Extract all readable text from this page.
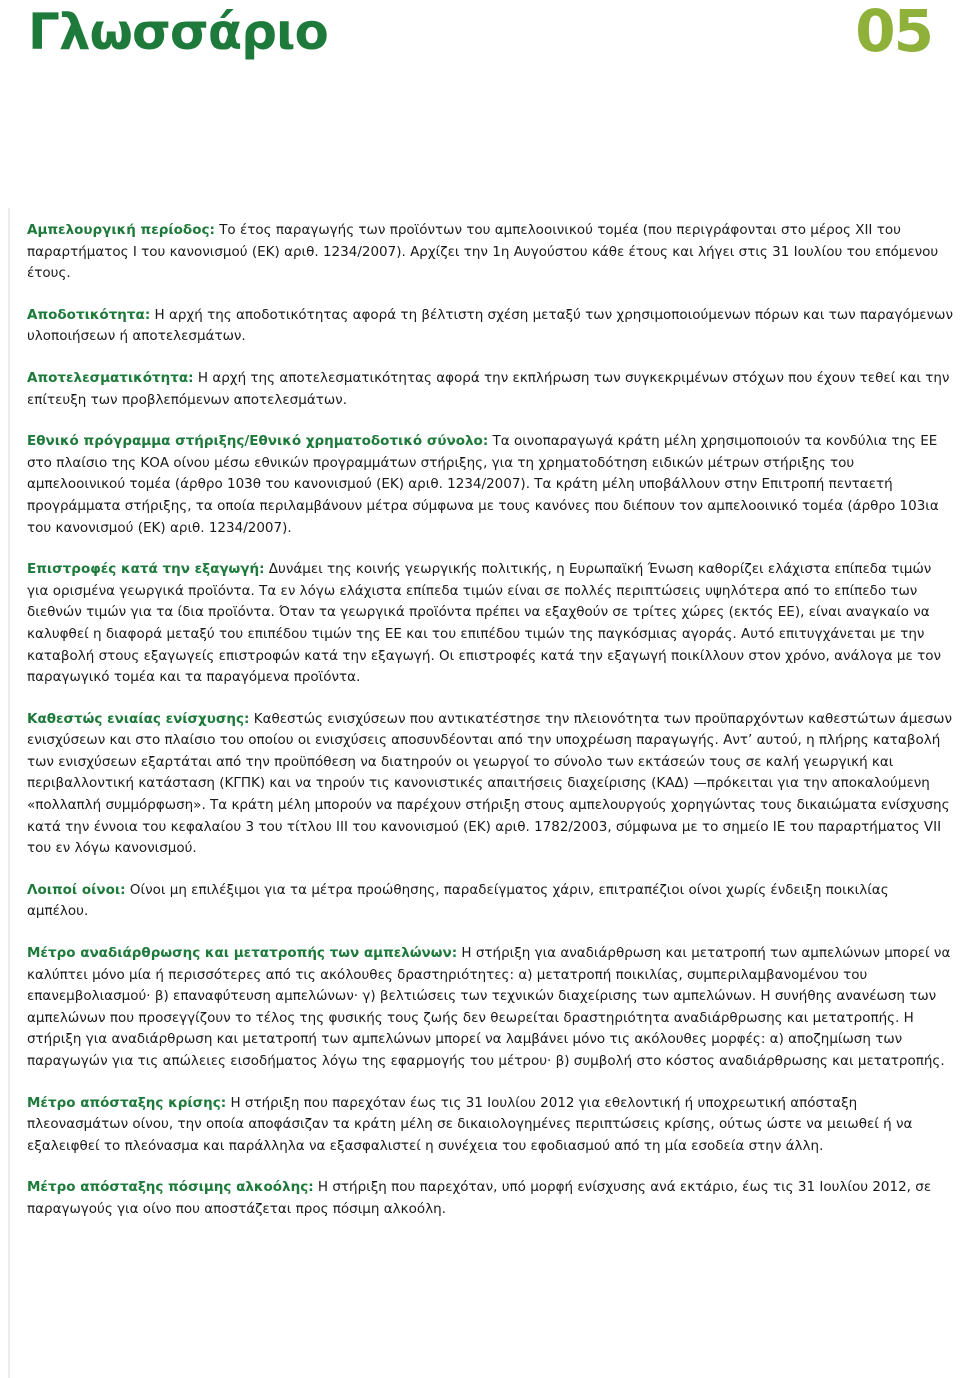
Γλωσσάριο	05

Αμπελουργική περίοδος: Το έτος παραγωγής των προϊόντων του αμπελοοινικού τομέα (που περιγράφονται στο μέρος XII του παραρτήματος I του κανονισμού (ΕΚ) αριθ. 1234/2007). Αρχίζει την 1η Αυγούστου κάθε έτους και λήγει στις 31 Ιουλίου του επόμενου έτους.

Αποδοτικότητα: Η αρχή της αποδοτικότητας αφορά τη βέλτιστη σχέση μεταξύ των χρησιμοποιούμενων πόρων και των παραγόμενων υλοποιήσεων ή αποτελεσμάτων.

Αποτελεσματικότητα: Η αρχή της αποτελεσματικότητας αφορά την εκπλήρωση των συγκεκριμένων στόχων που έχουν τεθεί και την επίτευξη των προβλεπόμενων αποτελεσμάτων.

Εθνικό πρόγραμμα στήριξης/Εθνικό χρηματοδοτικό σύνολο: Τα οινοπαραγωγά κράτη μέλη χρησιμοποιούν τα κονδύλια της ΕΕ στο πλαίσιο της ΚΟΑ οίνου μέσω εθνικών προγραμμάτων στήριξης, για τη χρηματοδότηση ειδικών μέτρων στήριξης του αμπελοοινικού τομέα (άρθρο 103θ του κανονισμού (ΕΚ) αριθ. 1234/2007). Τα κράτη μέλη υποβάλλουν στην Επιτροπή πενταετή προγράμματα στήριξης, τα οποία περιλαμβάνουν μέτρα σύμφωνα με τους κανόνες που διέπουν τον αμπελοοινικό τομέα (άρθρο 103ια του κανονισμού (ΕΚ) αριθ. 1234/2007).

Επιστροφές κατά την εξαγωγή: Δυνάμει της κοινής γεωργικής πολιτικής, η Ευρωπαϊκή Ένωση καθορίζει ελάχιστα επίπεδα τιμών για ορισμένα γεωργικά προϊόντα. Τα εν λόγω ελάχιστα επίπεδα τιμών είναι σε πολλές περιπτώσεις υψηλότερα από το επίπεδο των διεθνών τιμών για τα ίδια προϊόντα. Όταν τα γεωργικά προϊόντα πρέπει να εξαχθούν σε τρίτες χώρες (εκτός ΕΕ), είναι αναγκαίο να καλυφθεί η διαφορά μεταξύ του επιπέδου τιμών της ΕΕ και του επιπέδου τιμών της παγκόσμιας αγοράς. Αυτό επιτυγχάνεται με την καταβολή στους εξαγωγείς επιστροφών κατά την εξαγωγή. Οι επιστροφές κατά την εξαγωγή ποικίλλουν στον χρόνο, ανάλογα με τον παραγωγικό τομέα και τα παραγόμενα προϊόντα.

Καθεστώς ενιαίας ενίσχυσης: Καθεστώς ενισχύσεων που αντικατέστησε την πλειονότητα των προϋπαρχόντων καθεστώτων άμεσων ενισχύσεων και στο πλαίσιο του οποίου οι ενισχύσεις αποσυνδέονται από την υποχρέωση παραγωγής. Αντ’ αυτού, η πλήρης καταβολή των ενισχύσεων εξαρτάται από την προϋπόθεση να διατηρούν οι γεωργοί το σύνολο των εκτάσεών τους σε καλή γεωργική και περιβαλλοντική κατάσταση (ΚΓΠΚ) και να τηρούν τις κανονιστικές απαιτήσεις διαχείρισης (ΚΑΔ) —πρόκειται για την αποκαλούμενη «πολλαπλή συμμόρφωση». Τα κράτη μέλη μπορούν να παρέχουν στήριξη στους αμπελουργούς χορηγώντας τους δικαιώματα ενίσχυσης κατά την έννοια του κεφαλαίου 3 του τίτλου III του κανονισμού (ΕΚ) αριθ. 1782/2003, σύμφωνα με το σημείο ΙΕ του παραρτήματος VII του εν λόγω κανονισμού.

Λοιποί οίνοι: Οίνοι μη επιλέξιμοι για τα μέτρα προώθησης, παραδείγματος χάριν, επιτραπέζιοι οίνοι χωρίς ένδειξη ποικιλίας αμπέλου.

Μέτρο αναδιάρθρωσης και μετατροπής των αμπελώνων: Η στήριξη για αναδιάρθρωση και μετατροπή των αμπελώνων μπορεί να καλύπτει μόνο μία ή περισσότερες από τις ακόλουθες δραστηριότητες: α) μετατροπή ποικιλίας, συμπεριλαμβανομένου του επανεμβολιασμού· β) επαναφύτευση αμπελώνων· γ) βελτιώσεις των τεχνικών διαχείρισης των αμπελώνων. Η συνήθης ανανέωση των αμπελώνων που προσεγγίζουν το τέλος της φυσικής τους ζωής δεν θεωρείται δραστηριότητα αναδιάρθρωσης και μετατροπής. Η στήριξη για αναδιάρθρωση και μετατροπή των αμπελώνων μπορεί να λαμβάνει μόνο τις ακόλουθες μορφές: α) αποζημίωση των παραγωγών για τις απώλειες εισοδήματος λόγω της εφαρμογής του μέτρου· β) συμβολή στο κόστος αναδιάρθρωσης και μετατροπής.

Μέτρο απόσταξης κρίσης: Η στήριξη που παρεχόταν έως τις 31 Ιουλίου 2012 για εθελοντική ή υποχρεωτική απόσταξη πλεονασμάτων οίνου, την οποία αποφάσιζαν τα κράτη μέλη σε δικαιολογημένες περιπτώσεις κρίσης, ούτως ώστε να μειωθεί ή να εξαλειφθεί το πλεόνασμα και παράλληλα να εξασφαλιστεί η συνέχεια του εφοδιασμού από τη μία εσοδεία στην άλλη.

Μέτρο απόσταξης πόσιμης αλκοόλης: Η στήριξη που παρεχόταν, υπό μορφή ενίσχυσης ανά εκτάριο, έως τις 31 Ιουλίου 2012, σε παραγωγούς για οίνο που αποστάζεται προς πόσιμη αλκοόλη.
